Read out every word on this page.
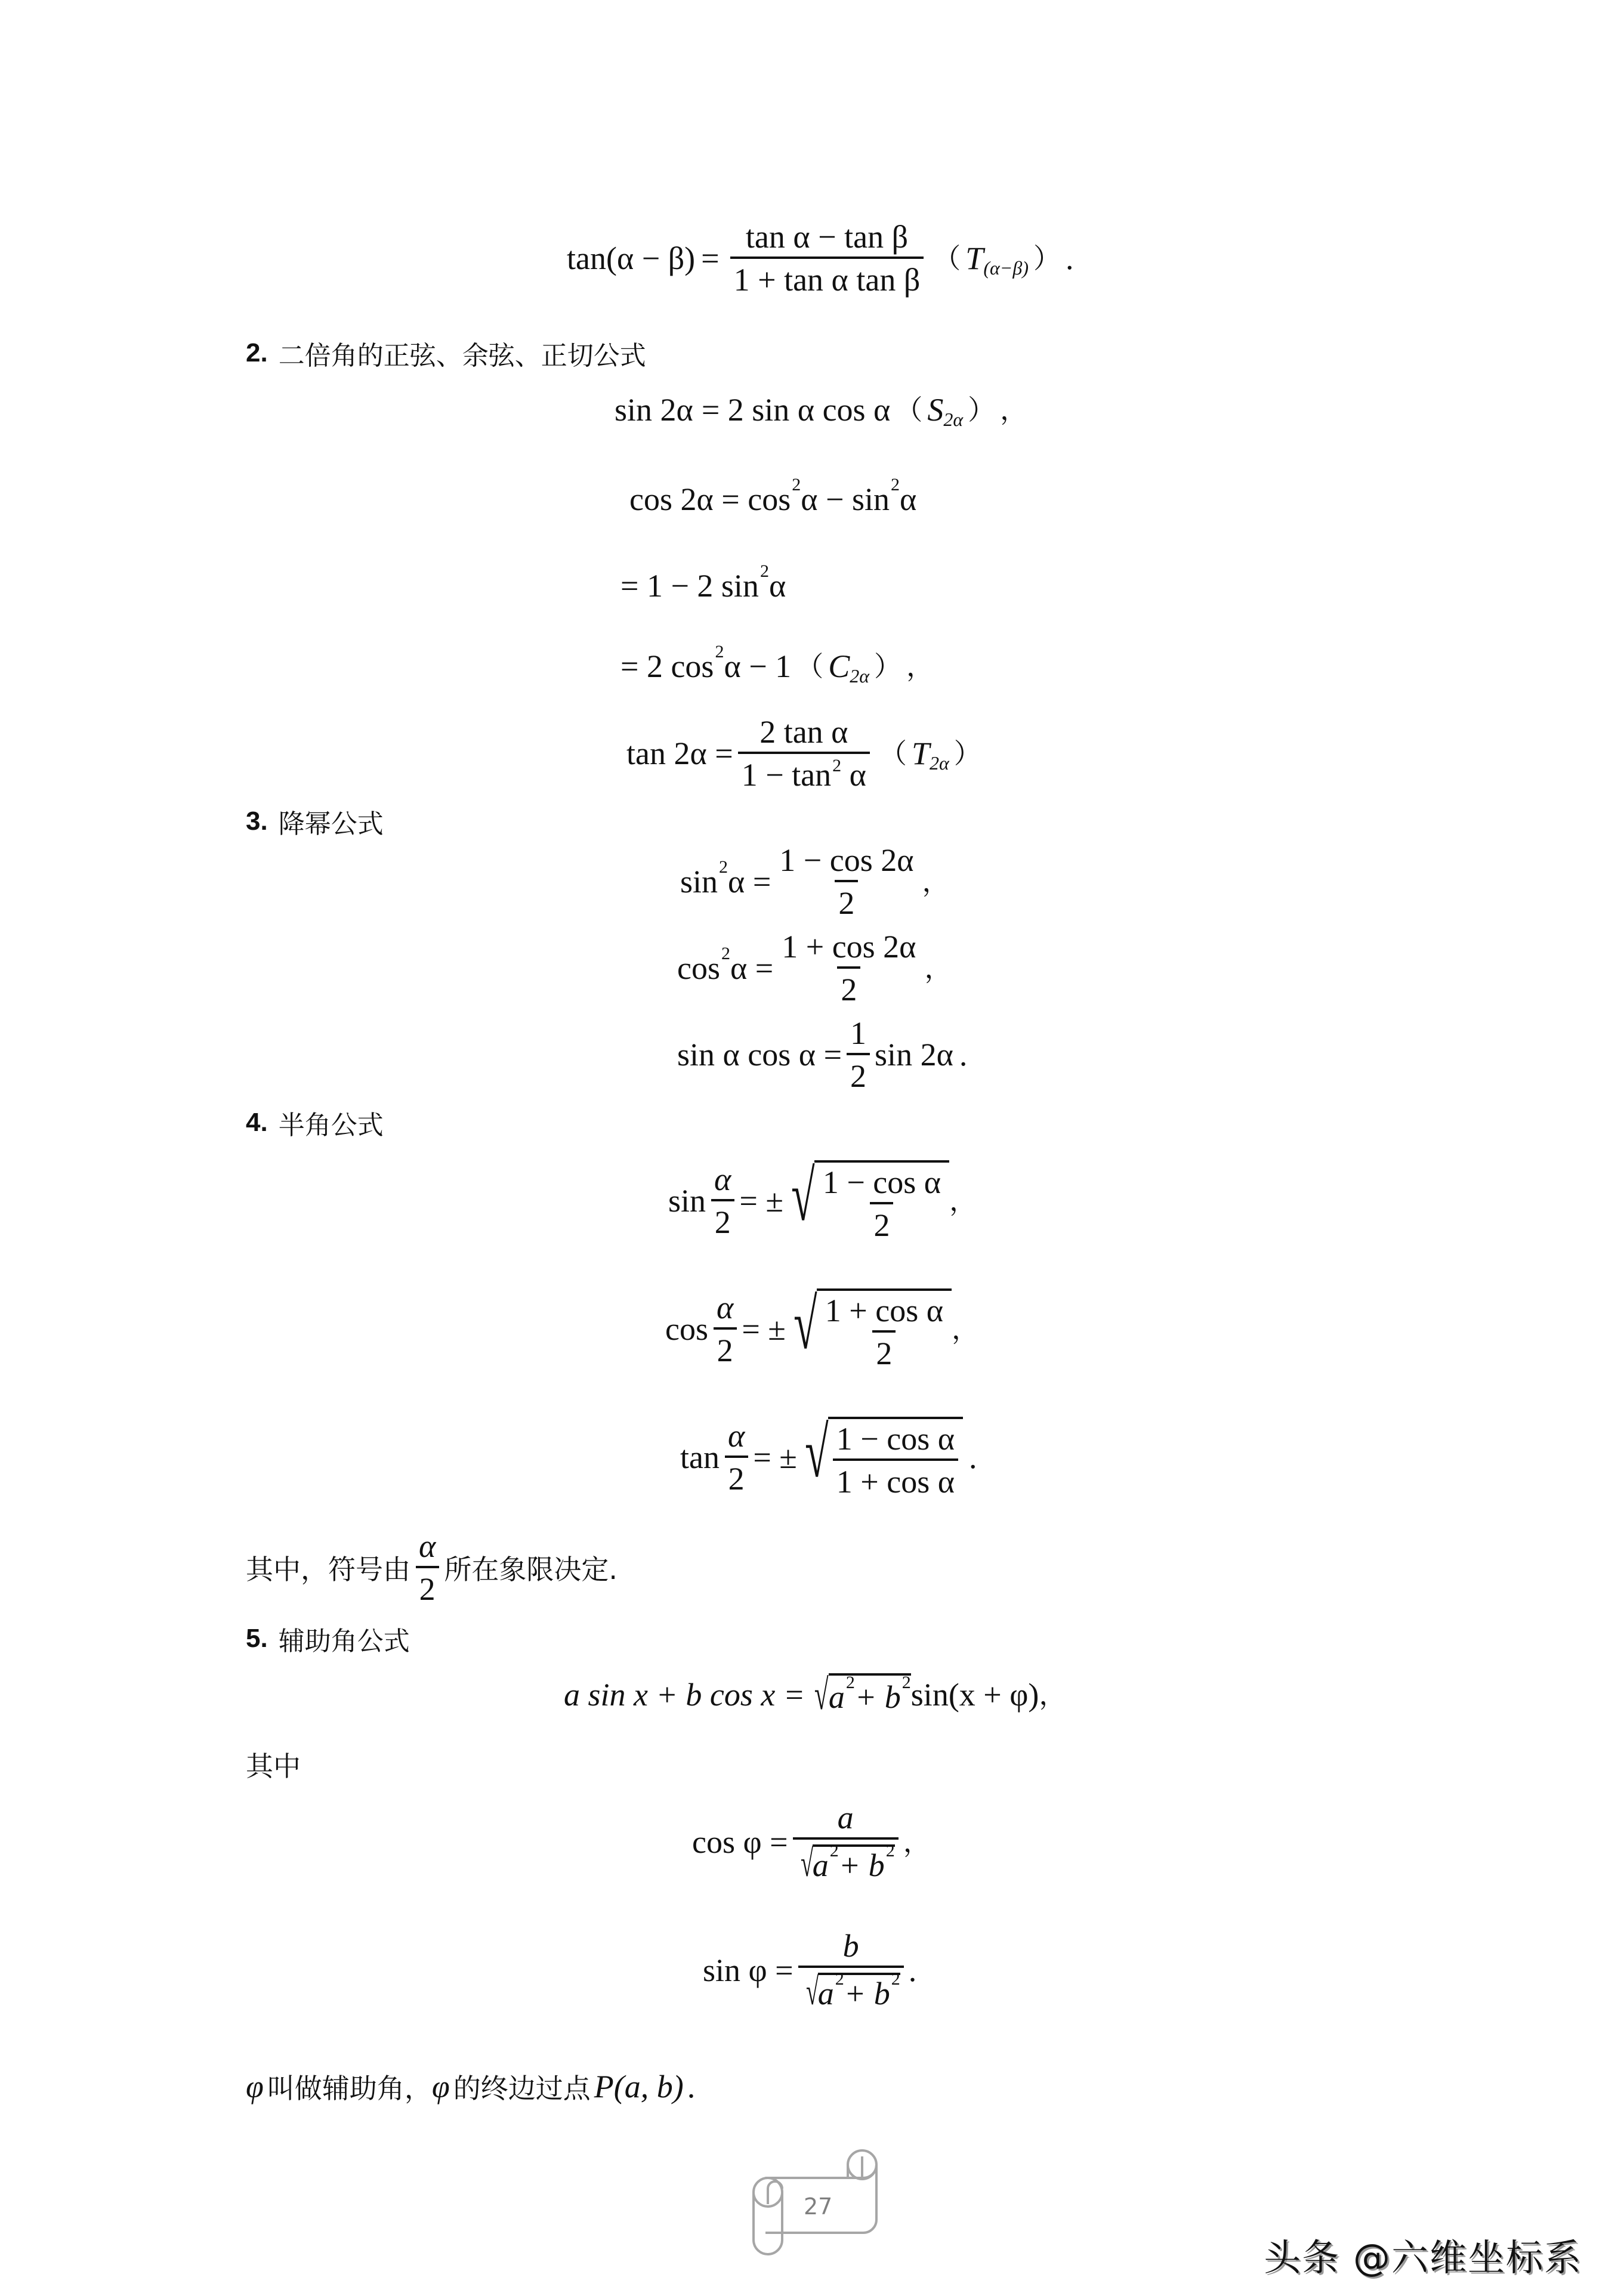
$\tan(\alpha - \beta) = \frac{\text{tan α − tan β}}{\text{1 + tan α tan β}}$ （ T (α−β) ） .
2. 二倍角的正弦、余弦、正切公式
sin 2α = 2 sin α cos α （ S 2α ） ，
cos 2α = cos 2 α − sin 2 α
= 1 − 2 sin 2 α
= 2 cos 2 α − 1 （ C 2α ） ，
$\tan 2\alpha = \frac{\text{2 tan α}}{1 - \tan^2 \alpha}$ （ T 2α ）
3. 降幂公式
sin 2 $\alpha = \frac{1 - \cos 2\alpha}{2}$ ，
cos 2 $\alpha = \frac{1 + \cos 2\alpha}{2}$ ，
sin α $\cos \alpha = \frac{1}{2}$ sin 2α .
4. 半角公式
$\sin \frac{\alpha}{2}$ = ± √ $\frac{\text{1 − cos α}}{2}$ ，
$\cos \frac{\alpha}{2}$ = ± √ $\frac{\text{1 + cos α}}{2}$ ，
$\tan \frac{\alpha}{2}$ = ± √ $\frac{\text{1 − cos α}}{\text{1 + cos α}}$ .
其中，符号由 $\frac{\alpha}{2}$ 所在象限决定.
5. 辅助角公式
a sin x + b cos x = √ a 2 + b 2 sin(x + φ) ，
其中
cos φ =
a
√ a 2 + b 2 ，
sin φ =
b
√ a 2 + b 2 .
φ 叫做辅助角， φ 的终边过点 P(a, b) .
27
头条 @六维坐标系
